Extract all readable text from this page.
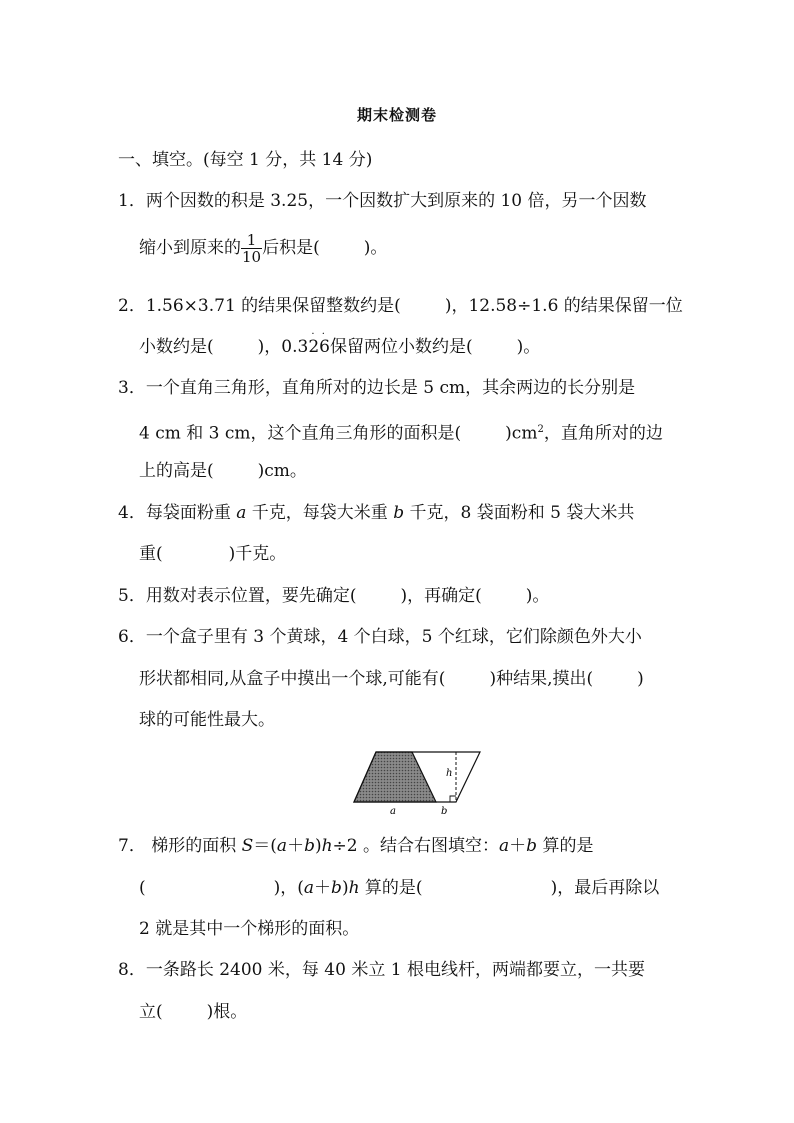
期末检测卷
一、填空。(每空 1 分，共 14 分)
1．两个因数的积是 3.25，一个因数扩大到原来的 10 倍，另一个因数
缩小到原来的 $\frac{1}{10}$ 后积是(	)。
2．1.56×3.71 的结果保留整数约是(	)，12.58÷1.6 的结果保留一位
小数约是(	)，0.3
· ·
26保留两位小数约是(	)。
3．一个直角三角形，直角所对的边长是 5 cm，其余两边的长分别是
4 cm 和 3 cm，这个直角三角形的面积是(	)$cm^2$，直角所对的边
上的高是(	)cm。
4．每袋面粉重 a 千克，每袋大米重 b 千克，8 袋面粉和 5 袋大米共
重(	)千克。
5．用数对表示位置，要先确定(	)，再确定(	)。
6．一个盒子里有 3 个黄球，4 个白球，5 个红球，它们除颜色外大小
形状都相同,从盒子中摸出一个球,可能有(	)种结果,摸出(	)
球的可能性最大。
h
a	b
7． 梯形的面积 S＝(a＋b)h÷2 。结合右图填空：a＋b 算的是
(	)，(a＋b)h 算的是(	)，最后再除以
2 就是其中一个梯形的面积。
8．一条路长 2400 米，每 40 米立 1 根电线杆，两端都要立，一共要
立(	)根。
